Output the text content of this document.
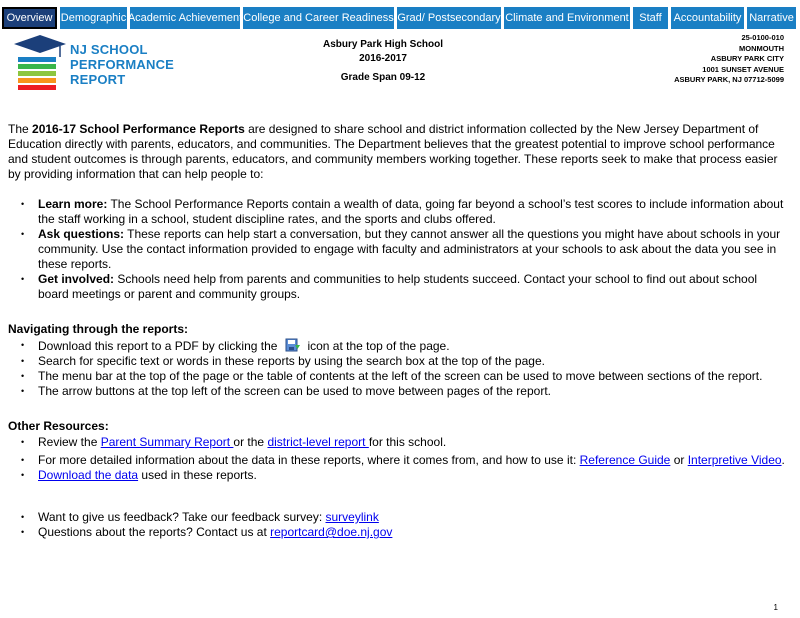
Overview Demographic Academic Achievement College and Career Readiness Grad/ Postsecondary Climate and Environment Staff	Accountability Narrative
NJ SCHOOL
PERFORMANCE
REPORT
Asbury Park High School
2016-2017
Grade Span 09-12
25-0100-010
MONMOUTH
ASBURY PARK CITY
1001 SUNSET AVENUE
ASBURY PARK, NJ 07712-5099

The 2016-17 School Performance Reports are designed to share school and district information collected by the New Jersey Department of Education directly with parents, educators, and communities. The Department believes that the greatest potential to improve school performance and student outcomes is through parents, educators, and community members working together. These reports seek to make that process easier by providing information that can help people to:

• Learn more: The School Performance Reports contain a wealth of data, going far beyond a school’s test scores to include information about the staff working in a school, student discipline rates, and the sports and clubs offered.
• Ask questions: These reports can help start a conversation, but they cannot answer all the questions you might have about schools in your community. Use the contact information provided to engage with faculty and administrators at your schools to ask about the data you see in these reports.
• Get involved: Schools need help from parents and communities to help students succeed. Contact your school to find out about school board meetings or parent and community groups.

Navigating through the reports:

• Download this report to a PDF by clicking the	icon at the top of the page.
• Search for specific text or words in these reports by using the search box at the top of the page.
• The menu bar at the top of the page or the table of contents at the left of the screen can be used to move between sections of the report.
• The arrow buttons at the top left of the screen can be used to move between pages of the report.

Other Resources:

• Review the Parent Summary Report or the district-level report for this school.
• For more detailed information about the data in these reports, where it comes from, and how to use it: Reference Guide or Interpretive Video.
• Download the data used in these reports.
• Want to give us feedback? Take our feedback survey: surveylink
• Questions about the reports? Contact us at reportcard@doe.nj.gov
1
